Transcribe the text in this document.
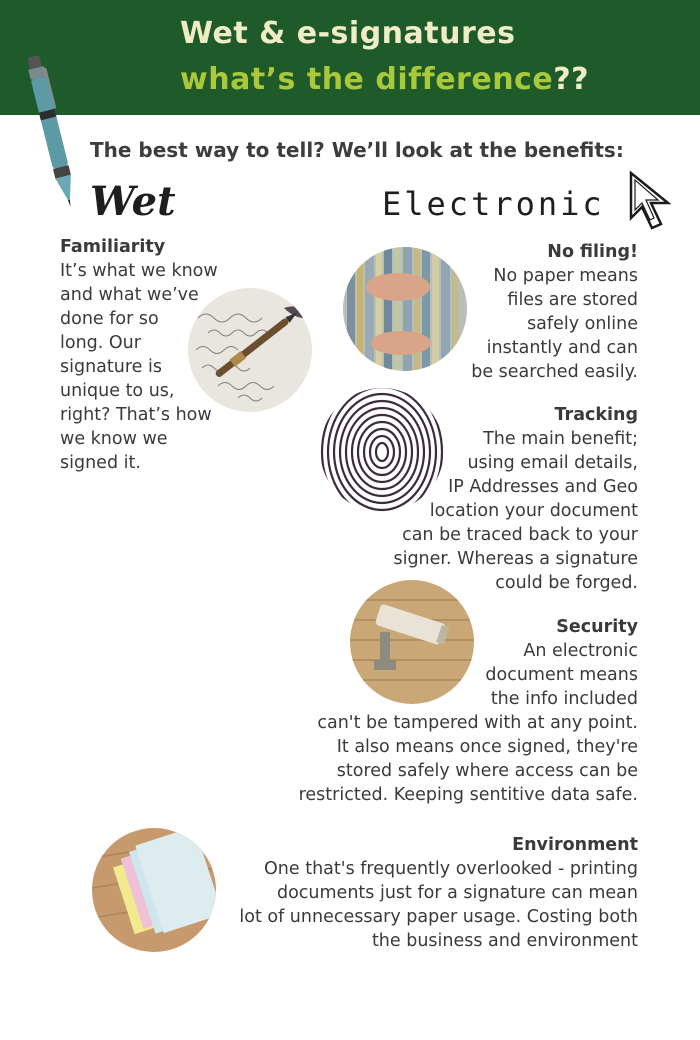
Wet & e-signatures
what’s the difference??
The best way to tell? We’ll look at the benefits:
Wet	Electronic
Familiarity
It’s what we know
and what we’ve
done for so
long. Our
signature is
unique to us,
right? That’s how
we know we
signed it.
No filing!
No paper means
files are stored
safely online
instantly and can
be searched easily.
Tracking
The main benefit;
using email details,
IP Addresses and Geo
location your document
can be traced back to your
signer. Whereas a signature
could be forged.
Security
An electronic
document means
the info included
can't be tampered with at any point.
It also means once signed, they're
stored safely where access can be
restricted. Keeping sentitive data safe.
Environment
One that's frequently overlooked - printing
documents just for a signature can mean
lot of unnecessary paper usage. Costing both
the business and environment
